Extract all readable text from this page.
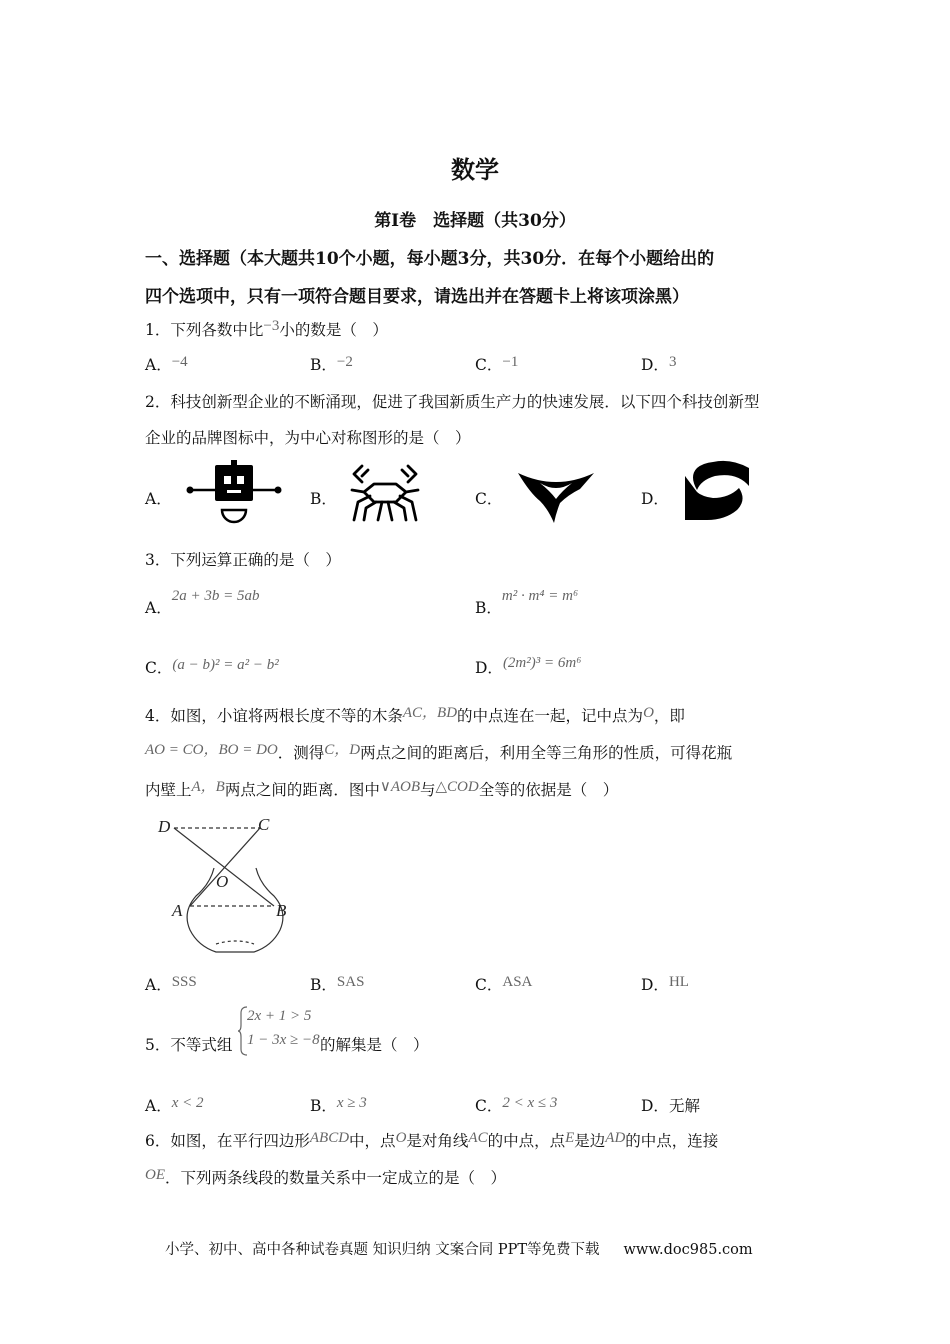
数学
第I卷　选择题（共30分）
一、选择题（本大题共10个小题，每小题3分，共30分．在每个小题给出的
四个选项中，只有一项符合题目要求，请选出并在答题卡上将该项涂黑）
1．下列各数中比−3小的数是（　）
A．−4	B．−2	C．−1	D．3
2．科技创新型企业的不断涌现，促进了我国新质生产力的快速发展．以下四个科技创新型
企业的品牌图标中，为中心对称图形的是（　）
A．	B．	C．	D．
3．下列运算正确的是（　）
A．2a + 3b = 5ab
B．m² · m⁴ = m⁶
C．(a − b)² = a² − b²	D．(2m²)³ = 6m⁶
4．如图，小谊将两根长度不等的木条AC，BD的中点连在一起，记中点为O，即
AO = CO，BO = DO．测得C，D两点之间的距离后，利用全等三角形的性质，可得花瓶
内壁上A，B两点之间的距离．图中∨AOB与△COD全等的依据是（　）
D	C
O
A	B
A．SSS	B．SAS	C．ASA	D．HL
5．不等式组
2x + 1 > 5
1 − 3x ≥ −8 的解集是（　）
A．x < 2	B．x ≥ 3	C．2 < x ≤ 3	D．无解
6．如图，在平行四边形ABCD中，点O是对角线AC的中点，点E是边AD的中点，连接
OE．下列两条线段的数量关系中一定成立的是（　）
小学、初中、高中各种试卷真题 知识归纳 文案合同 PPT等免费下载 www.doc985.com
